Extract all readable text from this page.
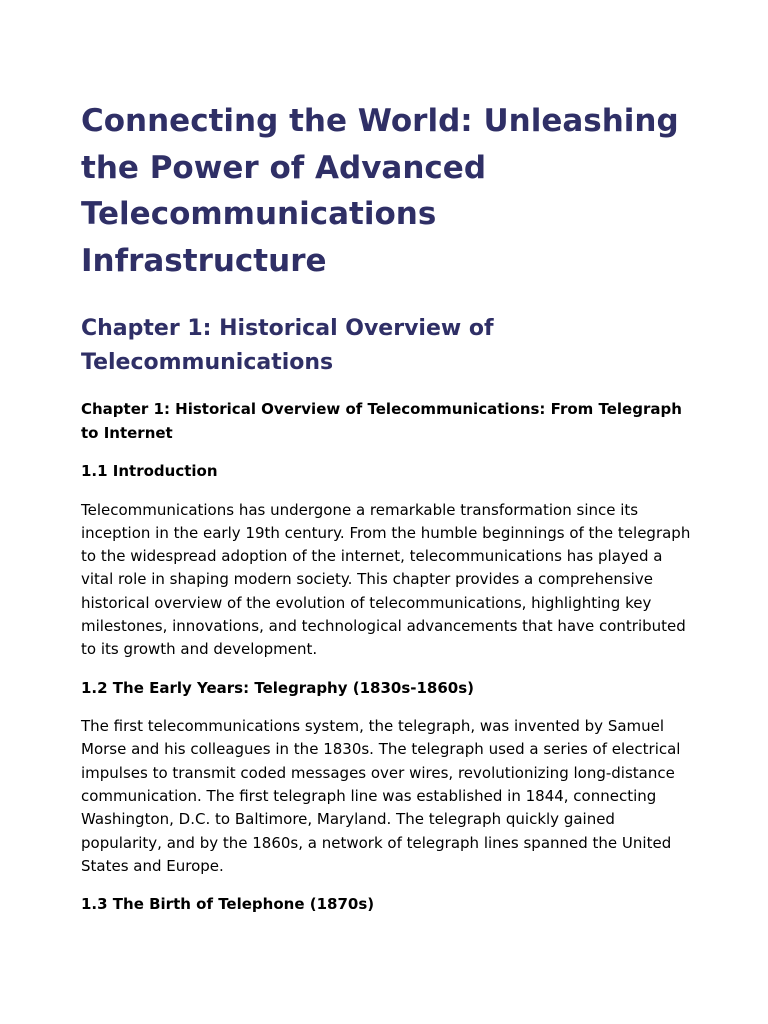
Connecting the World: Unleashing the Power of Advanced Telecommunications Infrastructure
Chapter 1: Historical Overview of Telecommunications

Chapter 1: Historical Overview of Telecommunications: From Telegraph to Internet

1.1 Introduction

Telecommunications has undergone a remarkable transformation since its inception in the early 19th century. From the humble beginnings of the telegraph to the widespread adoption of the internet, telecommunications has played a vital role in shaping modern society. This chapter provides a comprehensive historical overview of the evolution of telecommunications, highlighting key milestones, innovations, and technological advancements that have contributed to its growth and development.

1.2 The Early Years: Telegraphy (1830s-1860s)

The first telecommunications system, the telegraph, was invented by Samuel Morse and his colleagues in the 1830s. The telegraph used a series of electrical impulses to transmit coded messages over wires, revolutionizing long-distance communication. The first telegraph line was established in 1844, connecting Washington, D.C. to Baltimore, Maryland. The telegraph quickly gained popularity, and by the 1860s, a network of telegraph lines spanned the United States and Europe.

1.3 The Birth of Telephone (1870s)
